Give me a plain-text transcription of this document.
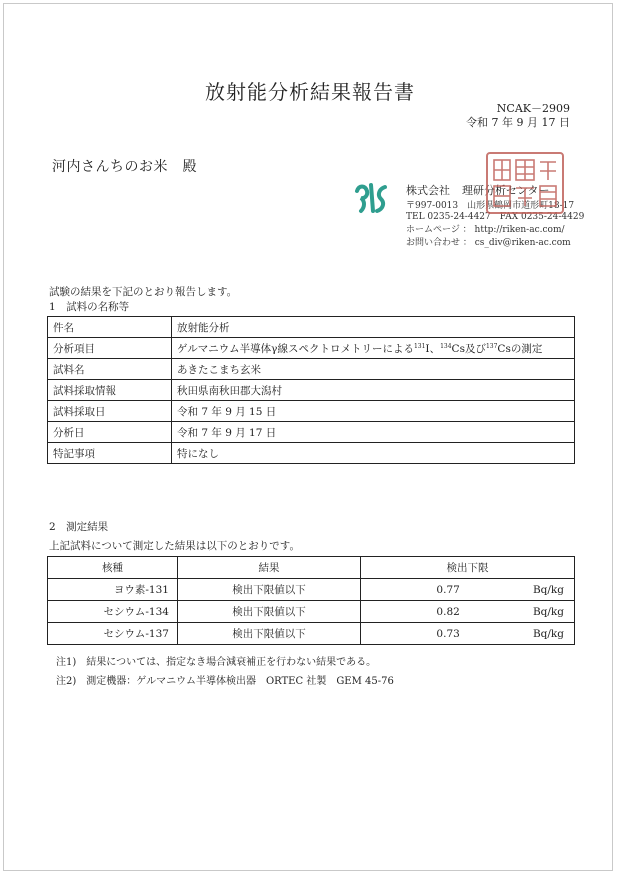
放射能分析結果報告書
NCAK－2909
令和 7 年 9 月 17 日
河内さんちのお米　殿
株式会社 理研分析センター
〒997-0013　山形県鶴岡市道形町18-17
TEL 0235-24-4427　FAX 0235-24-4429
ホームページ ： http://riken-ac.com/
お問い合わせ ： cs_div@riken-ac.com
試験の結果を下記のとおり報告します。
1　試料の名称等
件名	放射能分析
分析項目	ゲルマニウム半導体γ線スペクトロメトリーによる$^{131}$I、$^{134}$Cs及び$^{137}$Csの測定
試料名	あきたこまち玄米
試料採取情報	秋田県南秋田郡大潟村
試料採取日	令和 7 年 9 月 15 日
分析日	令和 7 年 9 月 17 日
特記事項	特になし
2　測定結果
上記試料について測定した結果は以下のとおりです。
核種	結果	検出下限	
ヨウ素-131	検出下限値以下	0.77	Bq/kg
セシウム-134	検出下限値以下	0.82	Bq/kg
セシウム-137	検出下限値以下	0.73	Bq/kg
注1)　結果については、指定なき場合減衰補正を行わない結果である。
注2)　測定機器：ゲルマニウム半導体検出器　ORTEC 社製　GEM 45-76
